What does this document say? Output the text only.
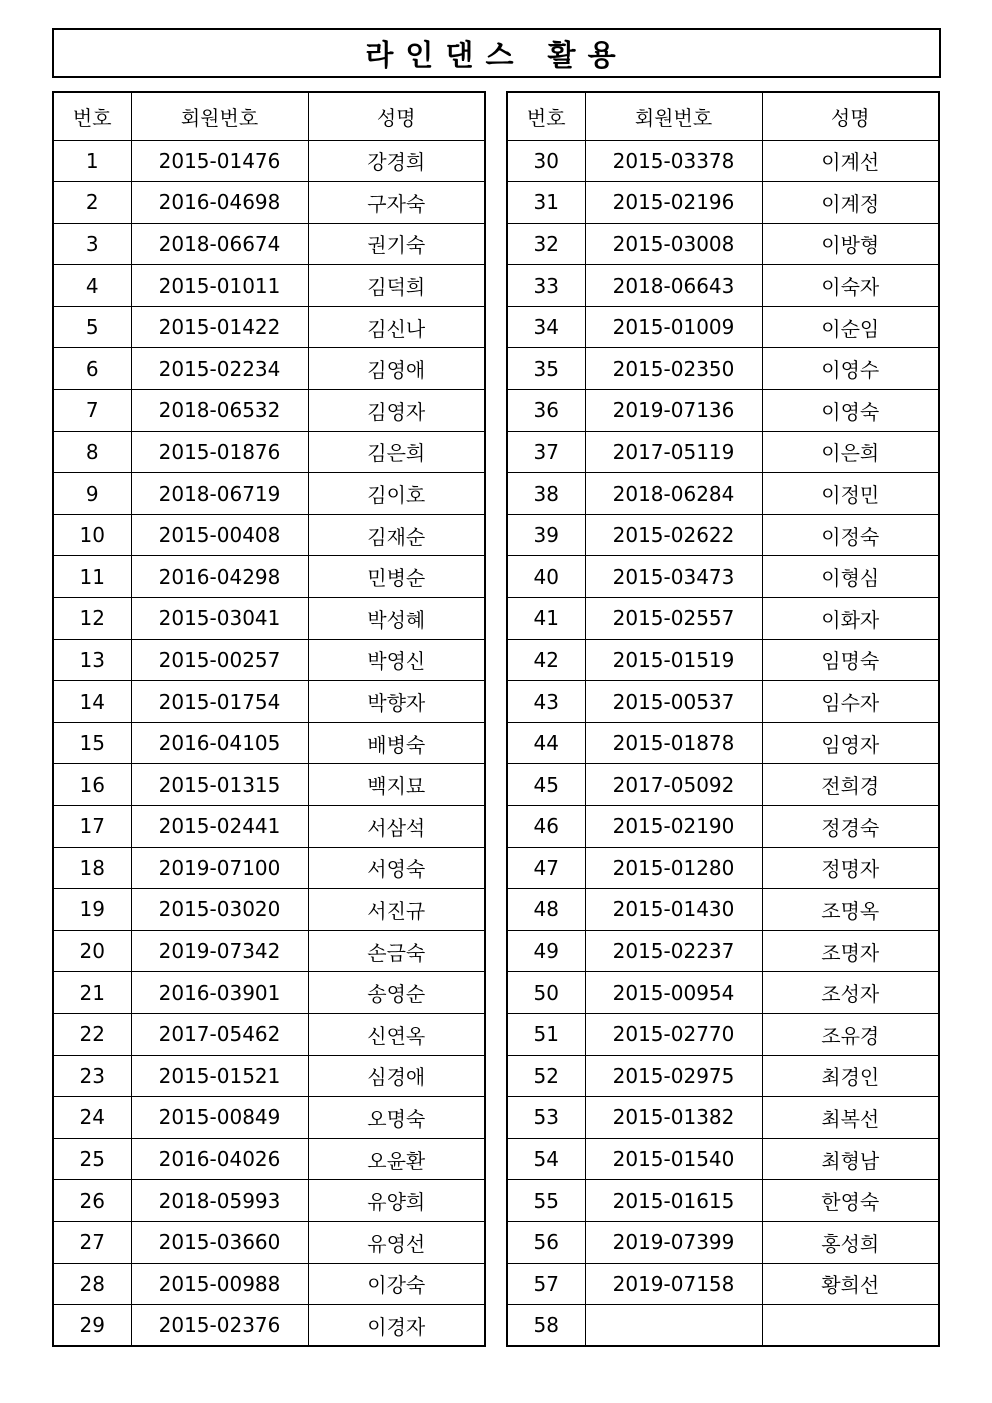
라인댄스 활용
번호	회원번호	성명
1	2015-01476	강경희
2	2016-04698	구자숙
3	2018-06674	권기숙
4	2015-01011	김덕희
5	2015-01422	김신나
6	2015-02234	김영애
7	2018-06532	김영자
8	2015-01876	김은희
9	2018-06719	김이호
10	2015-00408	김재순
11	2016-04298	민병순
12	2015-03041	박성혜
13	2015-00257	박영신
14	2015-01754	박향자
15	2016-04105	배병숙
16	2015-01315	백지묘
17	2015-02441	서삼석
18	2019-07100	서영숙
19	2015-03020	서진규
20	2019-07342	손금숙
21	2016-03901	송영순
22	2017-05462	신연옥
23	2015-01521	심경애
24	2015-00849	오명숙
25	2016-04026	오윤환
26	2018-05993	유양희
27	2015-03660	유영선
28	2015-00988	이강숙
29	2015-02376	이경자
번호	회원번호	성명
30	2015-03378	이계선
31	2015-02196	이계정
32	2015-03008	이방형
33	2018-06643	이숙자
34	2015-01009	이순임
35	2015-02350	이영수
36	2019-07136	이영숙
37	2017-05119	이은희
38	2018-06284	이정민
39	2015-02622	이정숙
40	2015-03473	이형심
41	2015-02557	이화자
42	2015-01519	임명숙
43	2015-00537	임수자
44	2015-01878	임영자
45	2017-05092	전희경
46	2015-02190	정경숙
47	2015-01280	정명자
48	2015-01430	조명옥
49	2015-02237	조명자
50	2015-00954	조성자
51	2015-02770	조유경
52	2015-02975	최경인
53	2015-01382	최복선
54	2015-01540	최형남
55	2015-01615	한영숙
56	2019-07399	홍성희
57	2019-07158	황희선
58		
